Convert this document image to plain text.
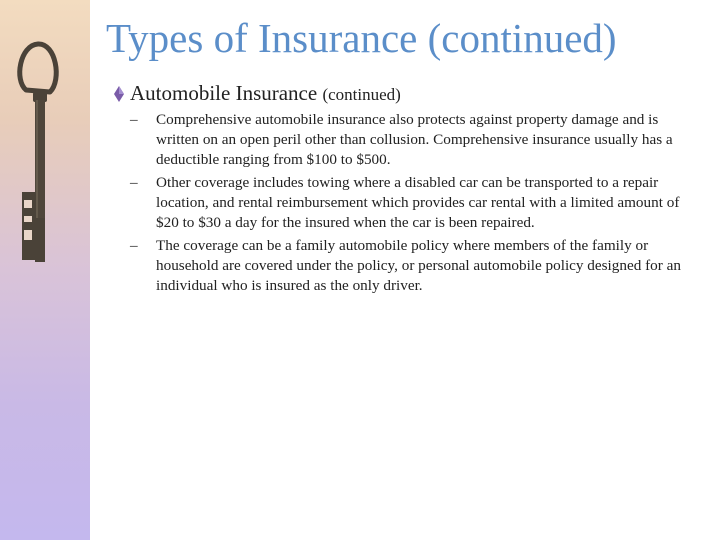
Types of Insurance (continued)
Automobile Insurance (continued)
– Comprehensive automobile insurance also protects against property damage and is written on an open peril other than collusion. Comprehensive insurance usually has a deductible ranging from $100 to $500.
– Other coverage includes towing where a disabled car can be transported to a repair location, and rental reimbursement which provides car rental with a limited amount of $20 to $30 a day for the insured when the car is been repaired.
– The coverage can be a family automobile policy where members of the family or household are covered under the policy, or personal automobile policy designed for an individual who is insured as the only driver.
